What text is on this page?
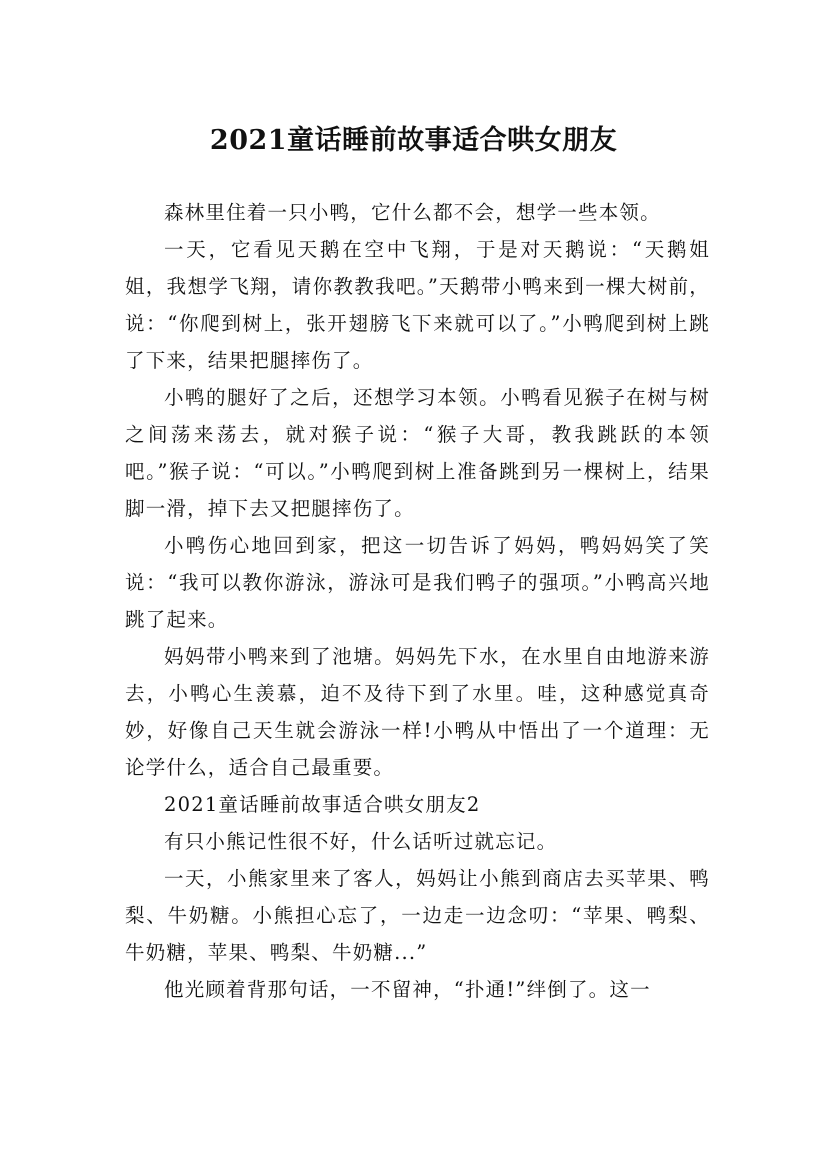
2021童话睡前故事适合哄女朋友

森林里住着一只小鸭，它什么都不会，想学一些本领。

一天，它看见天鹅在空中飞翔，于是对天鹅说：“天鹅姐姐，我想学飞翔，请你教教我吧。”天鹅带小鸭来到一棵大树前，说：“你爬到树上，张开翅膀飞下来就可以了。”小鸭爬到树上跳了下来，结果把腿摔伤了。

小鸭的腿好了之后，还想学习本领。小鸭看见猴子在树与树之间荡来荡去，就对猴子说：“猴子大哥，教我跳跃的本领吧。”猴子说：“可以。”小鸭爬到树上准备跳到另一棵树上，结果脚一滑，掉下去又把腿摔伤了。

小鸭伤心地回到家，把这一切告诉了妈妈，鸭妈妈笑了笑说：“我可以教你游泳，游泳可是我们鸭子的强项。”小鸭高兴地跳了起来。

妈妈带小鸭来到了池塘。妈妈先下水，在水里自由地游来游去，小鸭心生羡慕，迫不及待下到了水里。哇，这种感觉真奇妙，好像自己天生就会游泳一样!小鸭从中悟出了一个道理：无论学什么，适合自己最重要。

2021童话睡前故事适合哄女朋友2

有只小熊记性很不好，什么话听过就忘记。

一天，小熊家里来了客人，妈妈让小熊到商店去买苹果、鸭梨、牛奶糖。小熊担心忘了，一边走一边念叨：“苹果、鸭梨、牛奶糖，苹果、鸭梨、牛奶糖...”

他光顾着背那句话，一不留神，“扑通!”绊倒了。这一
